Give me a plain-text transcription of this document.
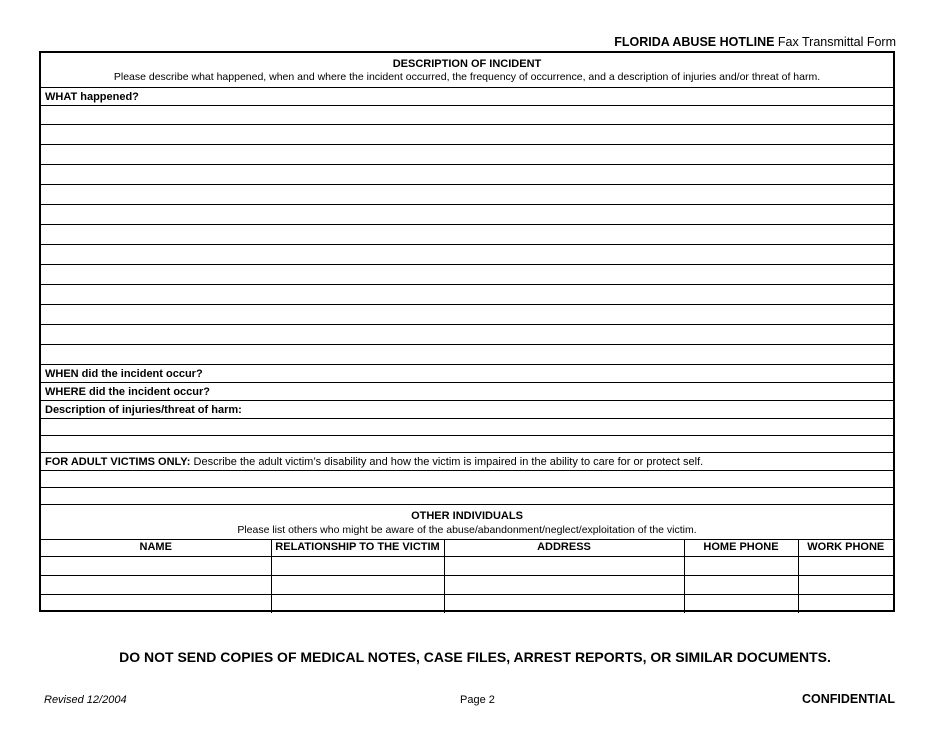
FLORIDA ABUSE HOTLINE Fax Transmittal Form
DESCRIPTION OF INCIDENT
Please describe what happened, when and where the incident occurred, the frequency of occurrence, and a description of injuries and/or threat of harm.
WHAT happened?
WHEN did the incident occur?
WHERE did the incident occur?
Description of injuries/threat of harm:
FOR ADULT VICTIMS ONLY: Describe the adult victim’s disability and how the victim is impaired in the ability to care for or protect self.
OTHER INDIVIDUALS
Please list others who might be aware of the abuse/abandonment/neglect/exploitation of the victim.
NAME	RELATIONSHIP TO THE VICTIM	ADDRESS	HOME PHONE	WORK PHONE

DO NOT SEND COPIES OF MEDICAL NOTES, CASE FILES, ARREST REPORTS, OR SIMILAR DOCUMENTS.
Revised 12/2004	Page 2	CONFIDENTIAL
